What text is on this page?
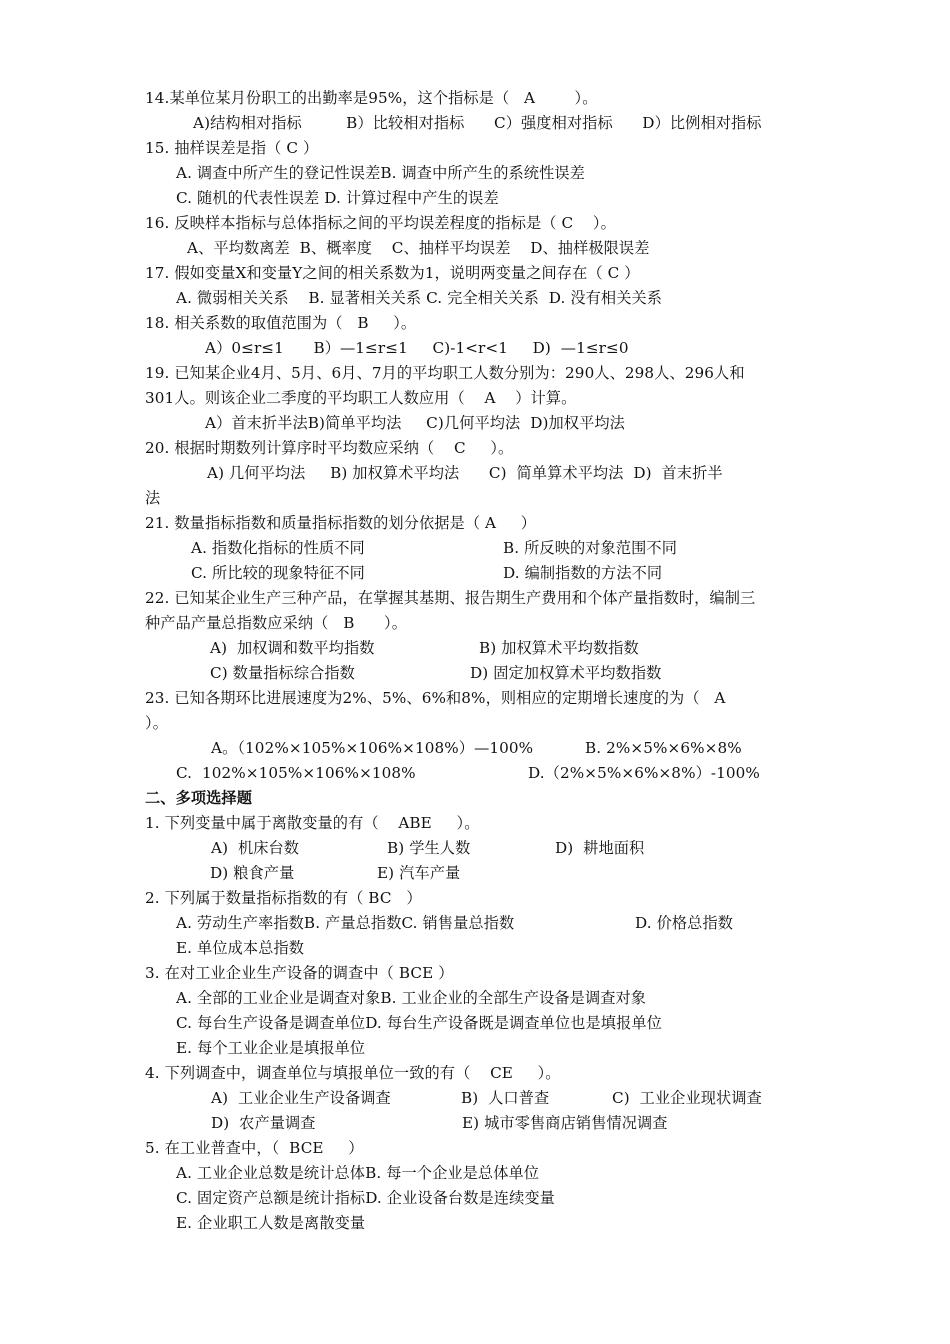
14.某单位某月份职工的出勤率是95%，这个指标是（   A        ）。
A)结构相对指标         B）比较相对指标      C）强度相对指标      D）比例相对指标
15. 抽样误差是指（ C ）
A. 调查中所产生的登记性误差B. 调查中所产生的系统性误差
C. 随机的代表性误差 D. 计算过程中产生的误差
16. 反映样本指标与总体指标之间的平均误差程度的指标是（ C    ）。
A、平均数离差  B、概率度    C、抽样平均误差    D、抽样极限误差
17. 假如变量X和变量Y之间的相关系数为1，说明两变量之间存在（ C ）
A. 微弱相关关系    B. 显著相关关系 C. 完全相关关系  D. 没有相关关系
18. 相关系数的取值范围为（   B     ）。
A）0≤r≤1      B）—1≤r≤1     C)-1<r<1     D)  —1≤r≤0
19. 已知某企业4月、5月、6月、7月的平均职工人数分别为：290人、298人、296人和
301人。则该企业二季度的平均职工人数应用（    A    ）计算。
A）首末折半法B)简单平均法     C)几何平均法  D)加权平均法
20. 根据时期数列计算序时平均数应采纳（    C     ）。
A) 几何平均法     B) 加权算术平均法      C)  简单算术平均法  D)  首末折半
法
21. 数量指标指数和质量指标指数的划分依据是（ A     ）
A. 指数化指标的性质不同	B. 所反映的对象范围不同
C. 所比较的现象特征不同	D. 编制指数的方法不同
22. 已知某企业生产三种产品，在掌握其基期、报告期生产费用和个体产量指数时，编制三
种产品产量总指数应采纳（   B      ）。
A)  加权调和数平均指数	B) 加权算术平均数指数
C) 数量指标综合指数	D) 固定加权算术平均数指数
23. 已知各期环比进展速度为2%、5%、6%和8%，则相应的定期增长速度的为（   A
）。
A。（102%×105%×106%×108%）—100%	B. 2%×5%×6%×8%
C.  102%×105%×106%×108%	D.（2%×5%×6%×8%）-100%
二、多项选择题
1. 下列变量中属于离散变量的有（    ABE     ）。
A)  机床台数	B) 学生人数	D)  耕地面积
D) 粮食产量	E) 汽车产量
2. 下列属于数量指标指数的有（ BC   ）
A. 劳动生产率指数B. 产量总指数C. 销售量总指数	D. 价格总指数
E. 单位成本总指数
3. 在对工业企业生产设备的调查中（ BCE ）
A. 全部的工业企业是调查对象B. 工业企业的全部生产设备是调查对象
C. 每台生产设备是调查单位D. 每台生产设备既是调查单位也是填报单位
E. 每个工业企业是填报单位
4. 下列调查中，调查单位与填报单位一致的有（    CE     ）。
A)  工业企业生产设备调查	B)  人口普查	C)  工业企业现状调查
D)  农产量调查	E) 城市零售商店销售情况调查
5. 在工业普查中，（  BCE     ）
A. 工业企业总数是统计总体B. 每一个企业是总体单位
C. 固定资产总额是统计指标D. 企业设备台数是连续变量
E. 企业职工人数是离散变量
